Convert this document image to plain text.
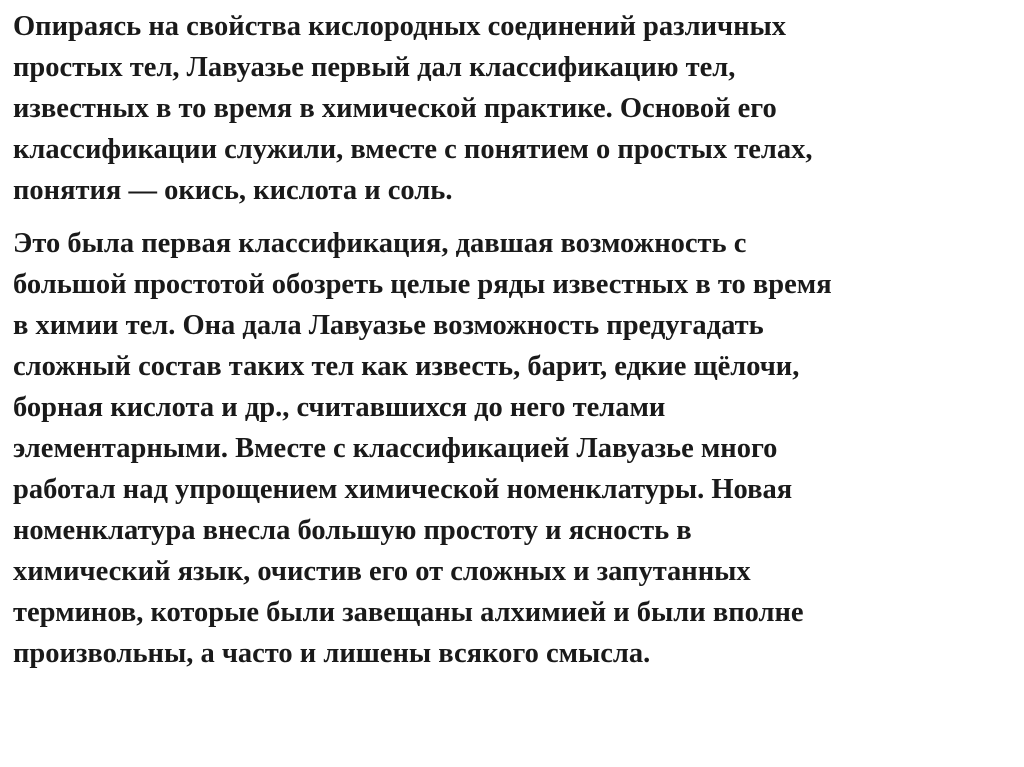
Опираясь на свойства кислородных соединений различных
простых тел, Лавуазье первый дал классификацию тел,
известных в то время в химической практике. Основой его
классификации служили, вместе с понятием о простых телах,
понятия — окись, кислота и соль.
Это была первая классификация, давшая возможность с
большой простотой обозреть целые ряды известных в то время
в химии тел. Она дала Лавуазье возможность предугадать
сложный состав таких тел как известь, барит, едкие щёлочи,
борная кислота и др., считавшихся до него телами
элементарными. Вместе с классификацией Лавуазье много
работал над упрощением химической номенклатуры. Новая
номенклатура внесла большую простоту и ясность в
химический язык, очистив его от сложных и запутанных
терминов, которые были завещаны алхимией и были вполне
произвольны, а часто и лишены всякого смысла.
